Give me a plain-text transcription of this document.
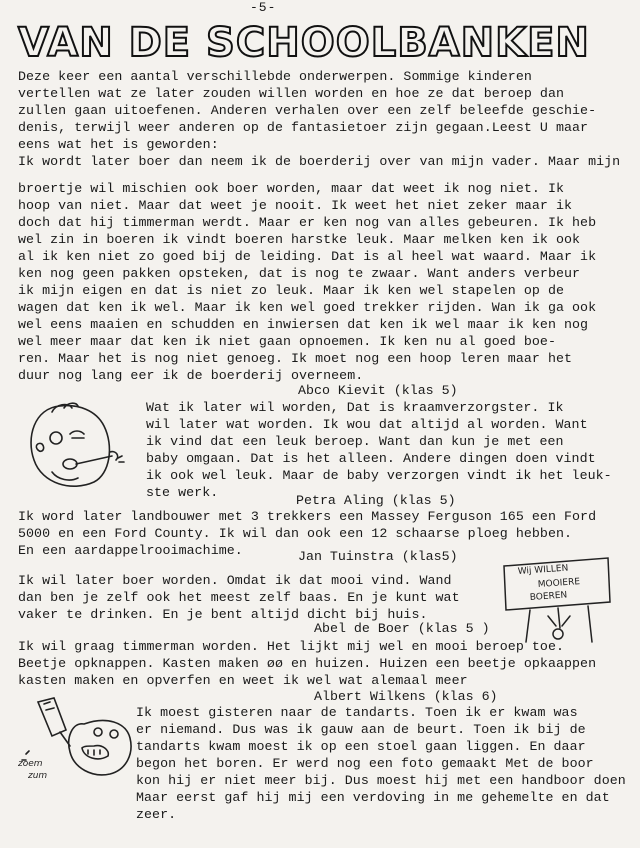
-5-
VAN DE SCHOOLBANKEN
Deze keer een aantal verschillebde onderwerpen. Sommige kinderen
vertellen wat ze later zouden willen worden en hoe ze dat beroep dan
zullen gaan uitoefenen. Anderen verhalen over een zelf beleefde geschie-
denis, terwijl weer anderen op de fantasietoer zijn gegaan.Leest U maar
eens wat het is geworden:
Ik wordt later boer dan neem ik de boerderij over van mijn vader. Maar mijn
broertje wil mischien ook boer worden, maar dat weet ik nog niet. Ik
hoop van niet. Maar dat weet je nooit. Ik weet het niet zeker maar ik
doch dat hij timmerman werdt. Maar er ken nog van alles gebeuren. Ik heb
wel zin in boeren ik vindt boeren harstke leuk. Maar melken ken ik ook
al ik ken niet zo goed bij de leiding. Dat is al heel wat waard. Maar ik
ken nog geen pakken opsteken, dat is nog te zwaar. Want anders verbeur
ik mijn eigen en dat is niet zo leuk. Maar ik ken wel stapelen op de
wagen dat ken ik wel. Maar ik ken wel goed trekker rijden. Wan ik ga ook
wel eens maaien en schudden en inwiersen dat ken ik wel maar ik ken nog
wel meer maar dat ken ik niet gaan opnoemen. Ik ken nu al goed boe-
ren. Maar het is nog niet genoeg. Ik moet nog een hoop leren maar het
duur nog lang eer ik de boerderij overneem.
Abco Kievit (klas 5)
Wat ik later wil worden, Dat is kraamverzorgster. Ik
wil later wat worden. Ik wou dat altijd al worden. Want
ik vind dat een leuk beroep. Want dan kun je met een
baby omgaan. Dat is het alleen. Andere dingen doen vindt
ik ook wel leuk. Maar de baby verzorgen vindt ik het leuk-
ste werk.
Petra Aling (klas 5)
Ik word later landbouwer met 3 trekkers een Massey Ferguson 165 een Ford
5000 en een Ford County. Ik wil dan ook een 12 schaarse ploeg hebben.
En een aardappelrooimachime.	Jan Tuinstra (klas5)
Wij WILLEN
MOOIERE
BOEREN
Ik wil later boer worden. Omdat ik dat mooi vind. Wand
dan ben je zelf ook het meest zelf baas. En je kunt wat
vaker te drinken. En je bent altijd dicht bij huis.
Abel de Boer (klas 5 )
Ik wil graag timmerman worden. Het lijkt mij wel en mooi beroep toe.
Beetje opknappen. Kasten maken øø en huizen. Huizen een beetje opkaappen
kasten maken en opverfen en weet ik wel wat alemaal meer
Albert Wilkens (klas 6)
zoem
zum
Ik moest gisteren naar de tandarts. Toen ik er kwam was
er niemand. Dus was ik gauw aan de beurt. Toen ik bij de
tandarts kwam moest ik op een stoel gaan liggen. En daar
begon het boren. Er werd nog een foto gemaakt Met de boor
kon hij er niet meer bij. Dus moest hij met een handboor doen
Maar eerst gaf hij mij een verdoving in me gehemelte en dat
zeer.
